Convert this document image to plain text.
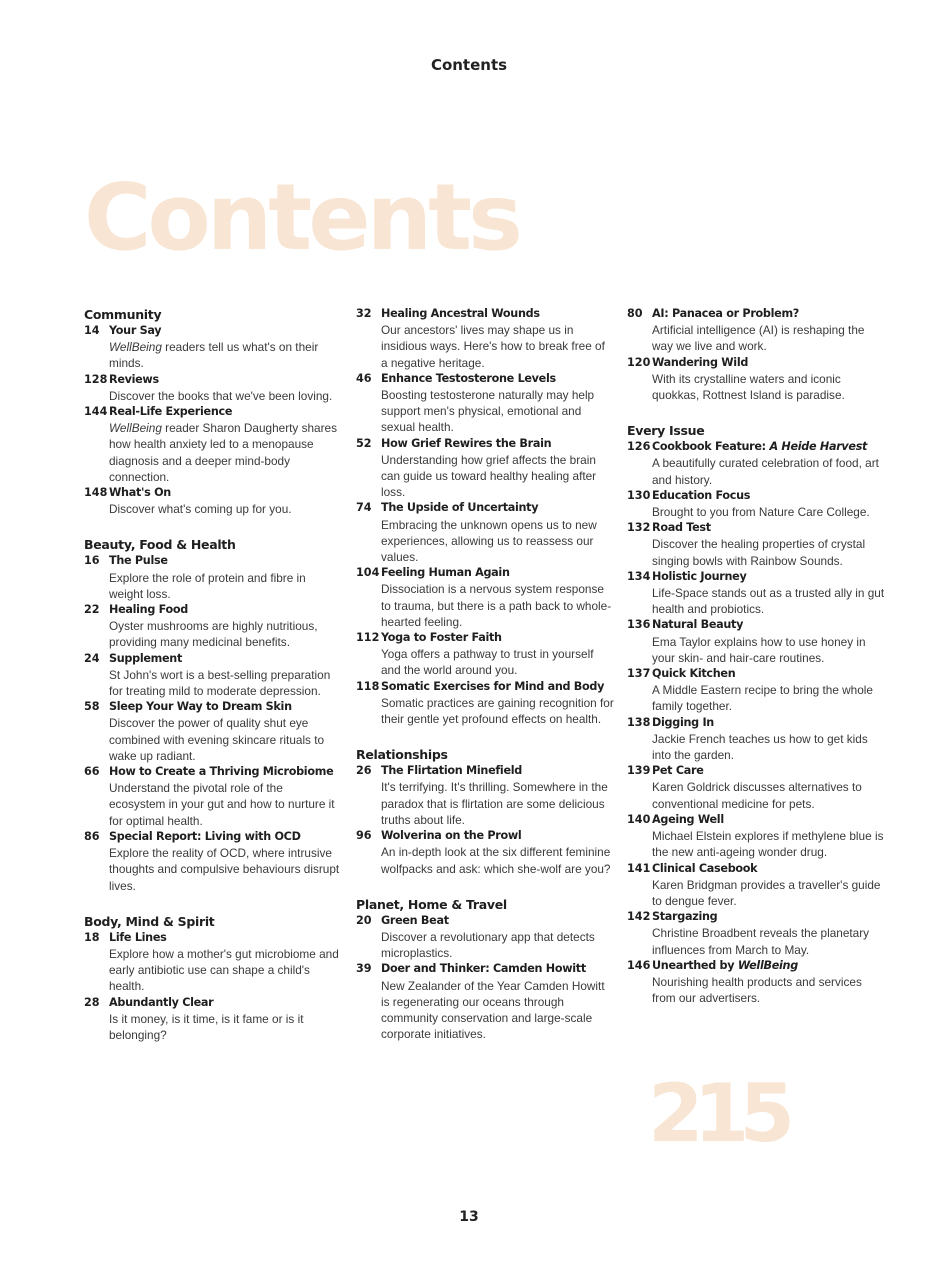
Contents
Contents
Community
14 Your Say
WellBeing readers tell us what's on their minds.
128 Reviews
Discover the books that we've been loving.
144 Real-Life Experience
WellBeing reader Sharon Daugherty shares how health anxiety led to a menopause diagnosis and a deeper mind-body connection.
148 What's On
Discover what's coming up for you.
Beauty, Food & Health
16 The Pulse
Explore the role of protein and fibre in weight loss.
22 Healing Food
Oyster mushrooms are highly nutritious, providing many medicinal benefits.
24 Supplement
St John's wort is a best-selling preparation for treating mild to moderate depression.
58 Sleep Your Way to Dream Skin
Discover the power of quality shut eye combined with evening skincare rituals to wake up radiant.
66 How to Create a Thriving Microbiome
Understand the pivotal role of the ecosystem in your gut and how to nurture it for optimal health.
86 Special Report: Living with OCD
Explore the reality of OCD, where intrusive thoughts and compulsive behaviours disrupt lives.
Body, Mind & Spirit
18 Life Lines
Explore how a mother's gut microbiome and early antibiotic use can shape a child's health.
28 Abundantly Clear
Is it money, is it time, is it fame or is it belonging?
32 Healing Ancestral Wounds
Our ancestors' lives may shape us in insidious ways. Here's how to break free of a negative heritage.
46 Enhance Testosterone Levels
Boosting testosterone naturally may help support men's physical, emotional and sexual health.
52 How Grief Rewires the Brain
Understanding how grief affects the brain can guide us toward healthy healing after loss.
74 The Upside of Uncertainty
Embracing the unknown opens us to new experiences, allowing us to reassess our values.
104 Feeling Human Again
Dissociation is a nervous system response to trauma, but there is a path back to whole-hearted feeling.
112 Yoga to Foster Faith
Yoga offers a pathway to trust in yourself and the world around you.
118 Somatic Exercises for Mind and Body
Somatic practices are gaining recognition for their gentle yet profound effects on health.
Relationships
26 The Flirtation Minefield
It's terrifying. It's thrilling. Somewhere in the paradox that is flirtation are some delicious truths about life.
96 Wolverina on the Prowl
An in-depth look at the six different feminine wolfpacks and ask: which she-wolf are you?
Planet, Home & Travel
20 Green Beat
Discover a revolutionary app that detects microplastics.
39 Doer and Thinker: Camden Howitt
New Zealander of the Year Camden Howitt is regenerating our oceans through community conservation and large-scale corporate initiatives.
80 AI: Panacea or Problem?
Artificial intelligence (AI) is reshaping the way we live and work.
120 Wandering Wild
With its crystalline waters and iconic quokkas, Rottnest Island is paradise.
Every Issue
126 Cookbook Feature: A Heide Harvest
A beautifully curated celebration of food, art and history.
130 Education Focus
Brought to you from Nature Care College.
132 Road Test
Discover the healing properties of crystal singing bowls with Rainbow Sounds.
134 Holistic Journey
Life-Space stands out as a trusted ally in gut health and probiotics.
136 Natural Beauty
Ema Taylor explains how to use honey in your skin- and hair-care routines.
137 Quick Kitchen
A Middle Eastern recipe to bring the whole family together.
138 Digging In
Jackie French teaches us how to get kids into the garden.
139 Pet Care
Karen Goldrick discusses alternatives to conventional medicine for pets.
140 Ageing Well
Michael Elstein explores if methylene blue is the new anti-ageing wonder drug.
141 Clinical Casebook
Karen Bridgman provides a traveller's guide to dengue fever.
142 Stargazing
Christine Broadbent reveals the planetary influences from March to May.
146 Unearthed by WellBeing
Nourishing health products and services from our advertisers.
215
13
